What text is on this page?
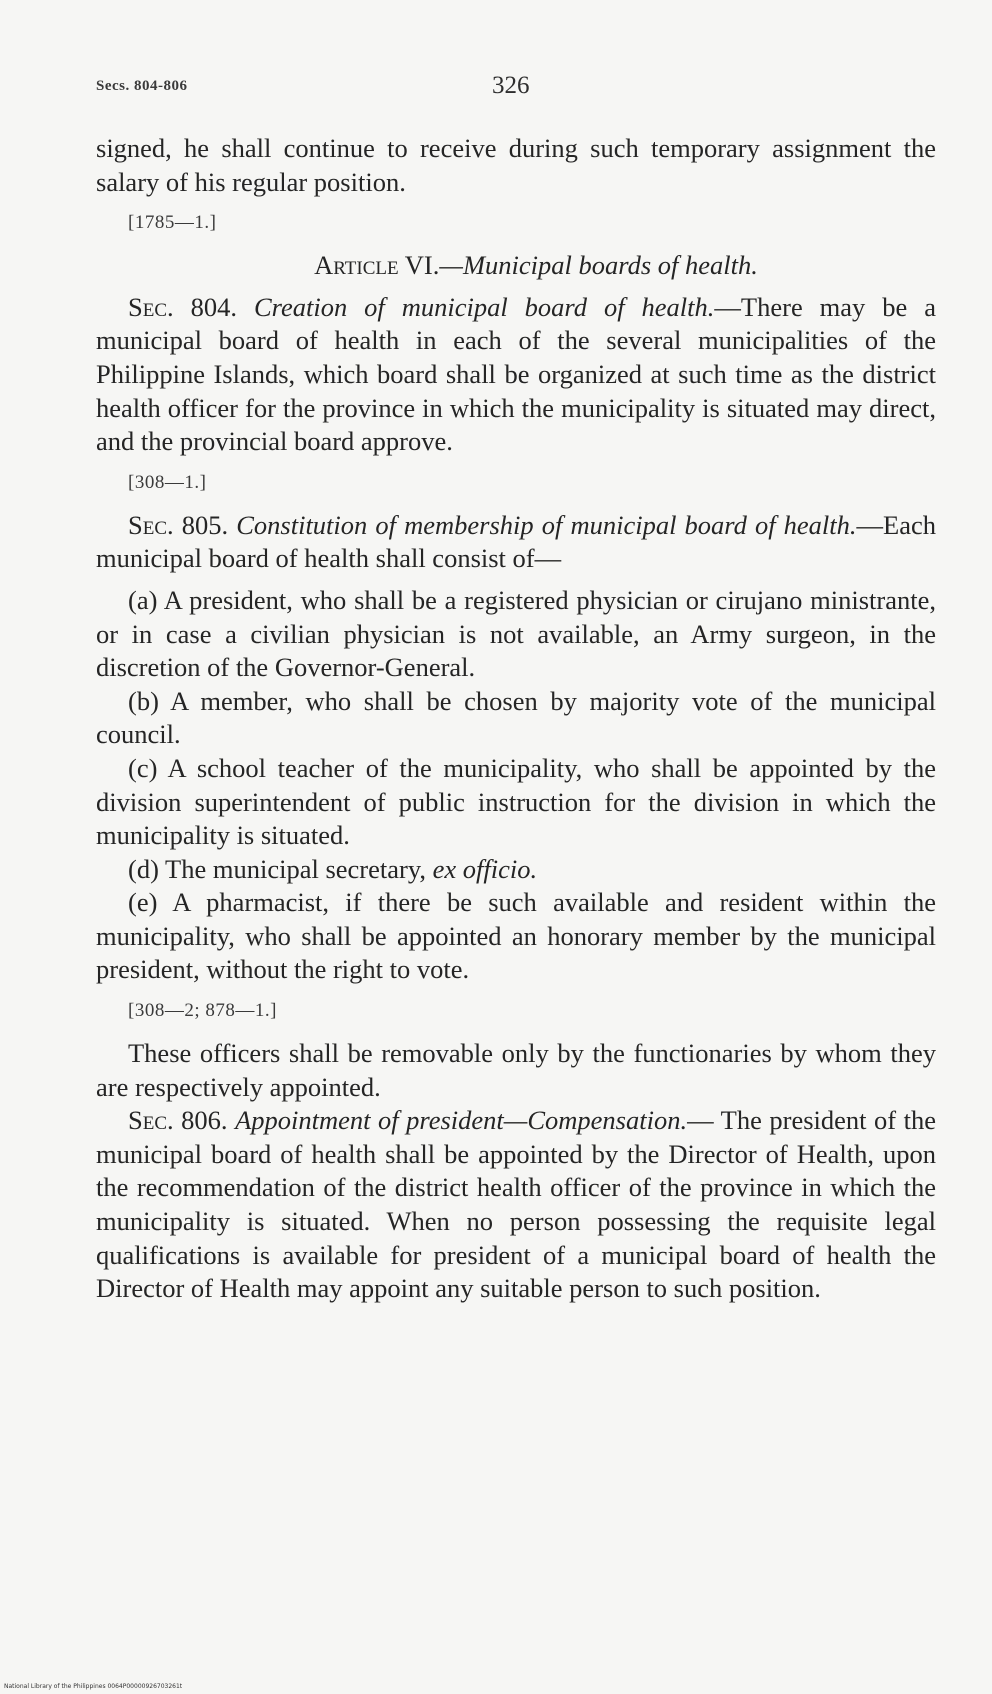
Secs. 804-806	326

signed, he shall continue to receive during such temporary assignment the salary of his regular position.

[1785—1.]

Article VI.—Municipal boards of health.

Sec. 804. Creation of municipal board of health.—There may be a municipal board of health in each of the several municipalities of the Philippine Islands, which board shall be organized at such time as the district health officer for the province in which the municipality is situated may direct, and the provincial board approve.

[308—1.]

Sec. 805. Constitution of membership of municipal board of health.—Each municipal board of health shall consist of—

(a) A president, who shall be a registered physician or cirujano ministrante, or in case a civilian physician is not available, an Army surgeon, in the discretion of the Governor-General.

(b) A member, who shall be chosen by majority vote of the municipal council.

(c) A school teacher of the municipality, who shall be appointed by the division superintendent of public instruction for the division in which the municipality is situated.

(d) The municipal secretary, ex officio.

(e) A pharmacist, if there be such available and resident within the municipality, who shall be appointed an honorary member by the municipal president, without the right to vote.

[308—2; 878—1.]

These officers shall be removable only by the functionaries by whom they are respectively appointed.

Sec. 806. Appointment of president—Compensation.— The president of the municipal board of health shall be appointed by the Director of Health, upon the recommendation of the district health officer of the province in which the municipality is situated. When no person possessing the requisite legal qualifications is available for president of a municipal board of health the Director of Health may appoint any suitable person to such position.

National Library of the Philippines 0064P00000926703261t
